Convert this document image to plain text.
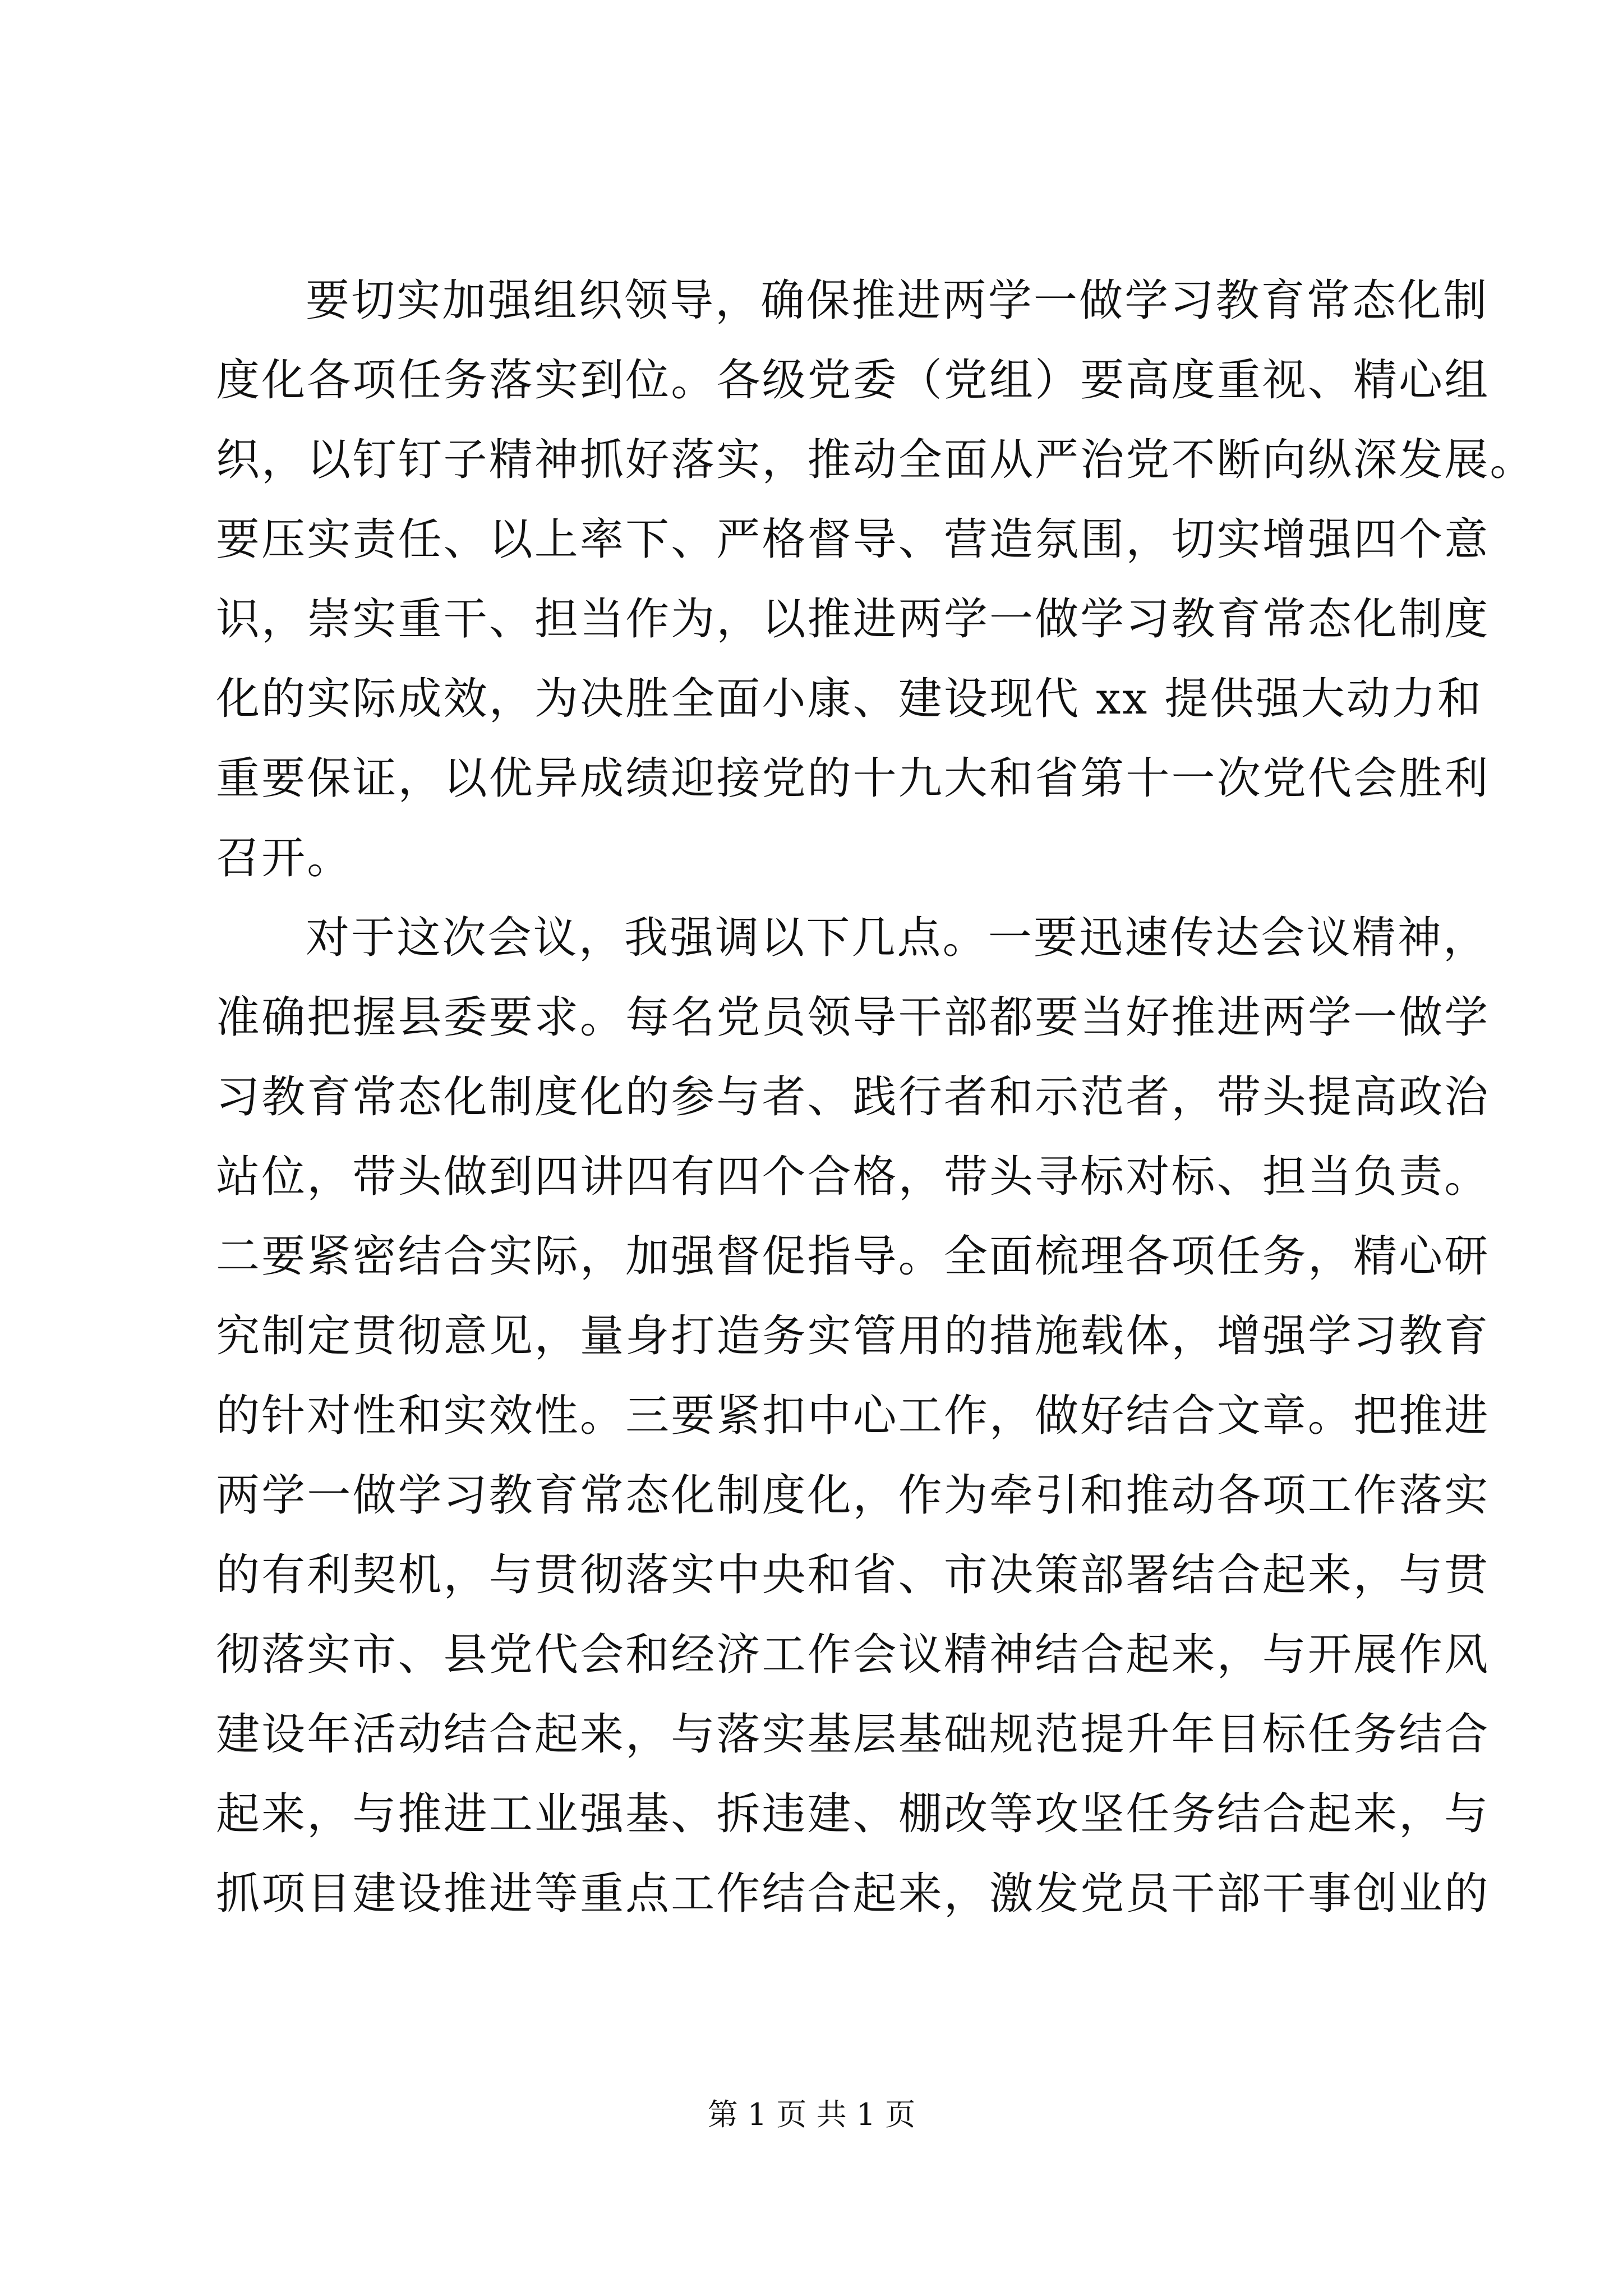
要切实加强组织领导，确保推进两学一做学习教育常态化制
度化各项任务落实到位。各级党委（党组）要高度重视、精心组
织，以钉钉子精神抓好落实，推动全面从严治党不断向纵深发展。
要压实责任、以上率下、严格督导、营造氛围，切实增强四个意
识，崇实重干、担当作为，以推进两学一做学习教育常态化制度
化的实际成效，为决胜全面小康、建设现代 xx 提供强大动力和
重要保证，以优异成绩迎接党的十九大和省第十一次党代会胜利
召开。
对于这次会议，我强调以下几点。一要迅速传达会议精神，
准确把握县委要求。每名党员领导干部都要当好推进两学一做学
习教育常态化制度化的参与者、践行者和示范者，带头提高政治
站位，带头做到四讲四有四个合格，带头寻标对标、担当负责。
二要紧密结合实际，加强督促指导。全面梳理各项任务，精心研
究制定贯彻意见，量身打造务实管用的措施载体，增强学习教育
的针对性和实效性。三要紧扣中心工作，做好结合文章。把推进
两学一做学习教育常态化制度化，作为牵引和推动各项工作落实
的有利契机，与贯彻落实中央和省、市决策部署结合起来，与贯
彻落实市、县党代会和经济工作会议精神结合起来，与开展作风
建设年活动结合起来，与落实基层基础规范提升年目标任务结合
起来，与推进工业强基、拆违建、棚改等攻坚任务结合起来，与
抓项目建设推进等重点工作结合起来，激发党员干部干事创业的
第 1 页 共 1 页
